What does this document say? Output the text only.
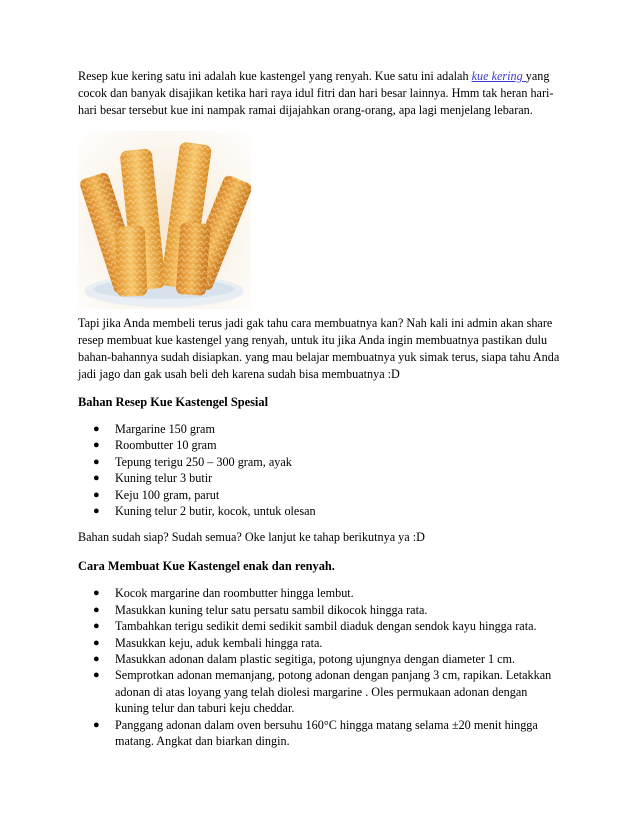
Resep kue kering satu ini adalah kue kastengel yang renyah. Kue satu ini adalah kue kering yang cocok dan banyak disajikan ketika hari raya idul fitri dan hari besar lainnya. Hmm tak heran hari-hari besar tersebut kue ini nampak ramai dijajahkan orang-orang, apa lagi menjelang lebaran.

Tapi jika Anda membeli terus jadi gak tahu cara membuatnya kan? Nah kali ini admin akan share resep membuat kue kastengel yang renyah, untuk itu jika Anda ingin membuatnya pastikan dulu bahan-bahannya sudah disiapkan. yang mau belajar membuatnya yuk simak terus, siapa tahu Anda jadi jago dan gak usah beli deh karena sudah bisa membuatnya :D

Bahan Resep Kue Kastengel Spesial
● Margarine 150 gram
● Roombutter 10 gram
● Tepung terigu 250 – 300 gram, ayak
● Kuning telur 3 butir
● Keju 100 gram, parut
● Kuning telur 2 butir, kocok, untuk olesan

Bahan sudah siap? Sudah semua? Oke lanjut ke tahap berikutnya ya :D

Cara Membuat Kue Kastengel enak dan renyah.
● Kocok margarine dan roombutter hingga lembut.
● Masukkan kuning telur satu persatu sambil dikocok hingga rata.
● Tambahkan terigu sedikit demi sedikit sambil diaduk dengan sendok kayu hingga rata.
● Masukkan keju, aduk kembali hingga rata.
● Masukkan adonan dalam plastic segitiga, potong ujungnya dengan diameter 1 cm.
● Semprotkan adonan memanjang, potong adonan dengan panjang 3 cm, rapikan. Letakkan adonan di atas loyang yang telah diolesi margarine . Oles permukaan adonan dengan kuning telur dan taburi keju cheddar.
● Panggang adonan dalam oven bersuhu 160°C hingga matang selama ±20 menit hingga matang. Angkat dan biarkan dingin.
